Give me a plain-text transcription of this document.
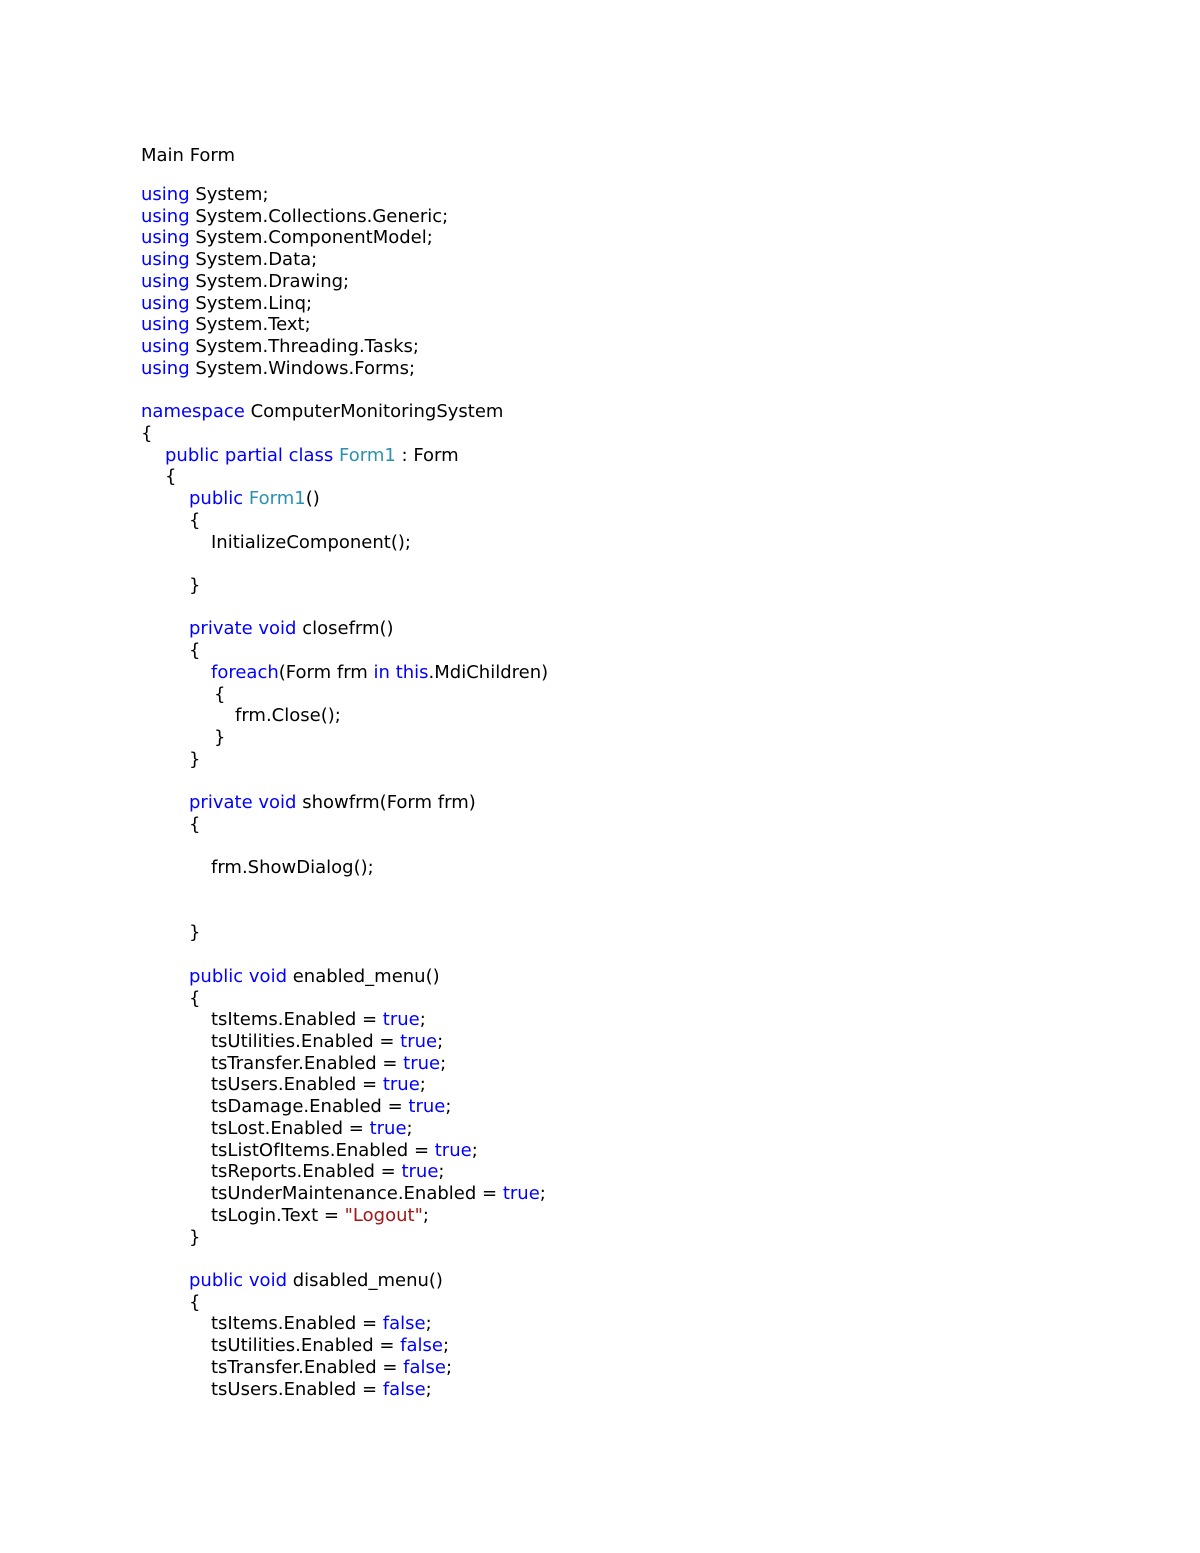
Main Form
using System;
using System.Collections.Generic;
using System.ComponentModel;
using System.Data;
using System.Drawing;
using System.Linq;
using System.Text;
using System.Threading.Tasks;
using System.Windows.Forms;

namespace ComputerMonitoringSystem
{
public partial class Form1 : Form
{
public Form1()
{
InitializeComponent();

}

private void closefrm()
{
foreach(Form frm in this.MdiChildren)
{
frm.Close();
}
}

private void showfrm(Form frm)
{

frm.ShowDialog();

}

public void enabled_menu()
{
tsItems.Enabled = true;
tsUtilities.Enabled = true;
tsTransfer.Enabled = true;
tsUsers.Enabled = true;
tsDamage.Enabled = true;
tsLost.Enabled = true;
tsListOfItems.Enabled = true;
tsReports.Enabled = true;
tsUnderMaintenance.Enabled = true;
tsLogin.Text = "Logout";
}

public void disabled_menu()
{
tsItems.Enabled = false;
tsUtilities.Enabled = false;
tsTransfer.Enabled = false;
tsUsers.Enabled = false;
